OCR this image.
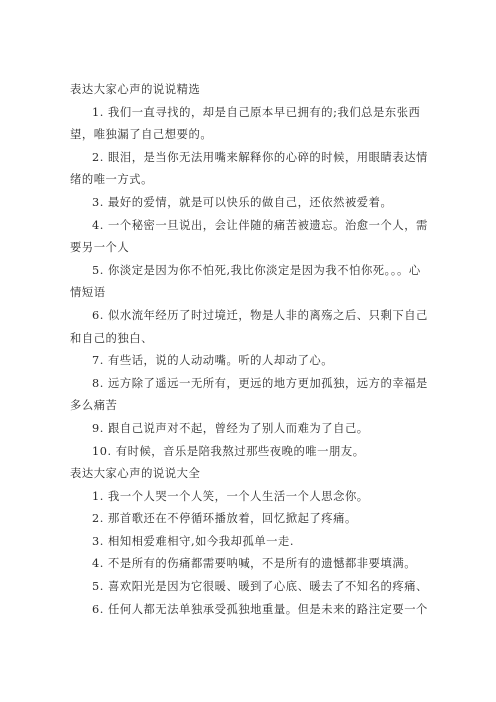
表达大家心声的说说精选
1. 我们一直寻找的，却是自己原本早已拥有的;我们总是东张西
望，唯独漏了自己想要的。
2. 眼泪，是当你无法用嘴来解释你的心碎的时候，用眼睛表达情
绪的唯一方式。
3. 最好的爱情，就是可以快乐的做自己，还依然被爱着。
4. 一个秘密一旦说出，会让伴随的痛苦被遗忘。治愈一个人，需
要另一个人
5. 你淡定是因为你不怕死,我比你淡定是因为我不怕你死。。。心
情短语
6. 似水流年经历了时过境迁，物是人非的离殇之后、只剩下自己
和自己的独白、
7. 有些话，说的人动动嘴。听的人却动了心。
8. 远方除了遥远一无所有，更远的地方更加孤独，远方的幸福是
多么痛苦
9. 跟自己说声对不起，曾经为了别人而难为了自己。
10. 有时候，音乐是陪我熬过那些夜晚的唯一朋友。
表达大家心声的说说大全
1. 我一个人哭一个人笑，一个人生活一个人思念你。
2. 那首歌还在不停循环播放着，回忆掀起了疼痛。
3. 相知相爱难相守,如今我却孤单一走.
4. 不是所有的伤痛都需要呐喊，不是所有的遗憾都非要填满。
5. 喜欢阳光是因为它很暖、暖到了心底、暖去了不知名的疼痛、
6. 任何人都无法单独承受孤独地重量。但是未来的路注定要一个
